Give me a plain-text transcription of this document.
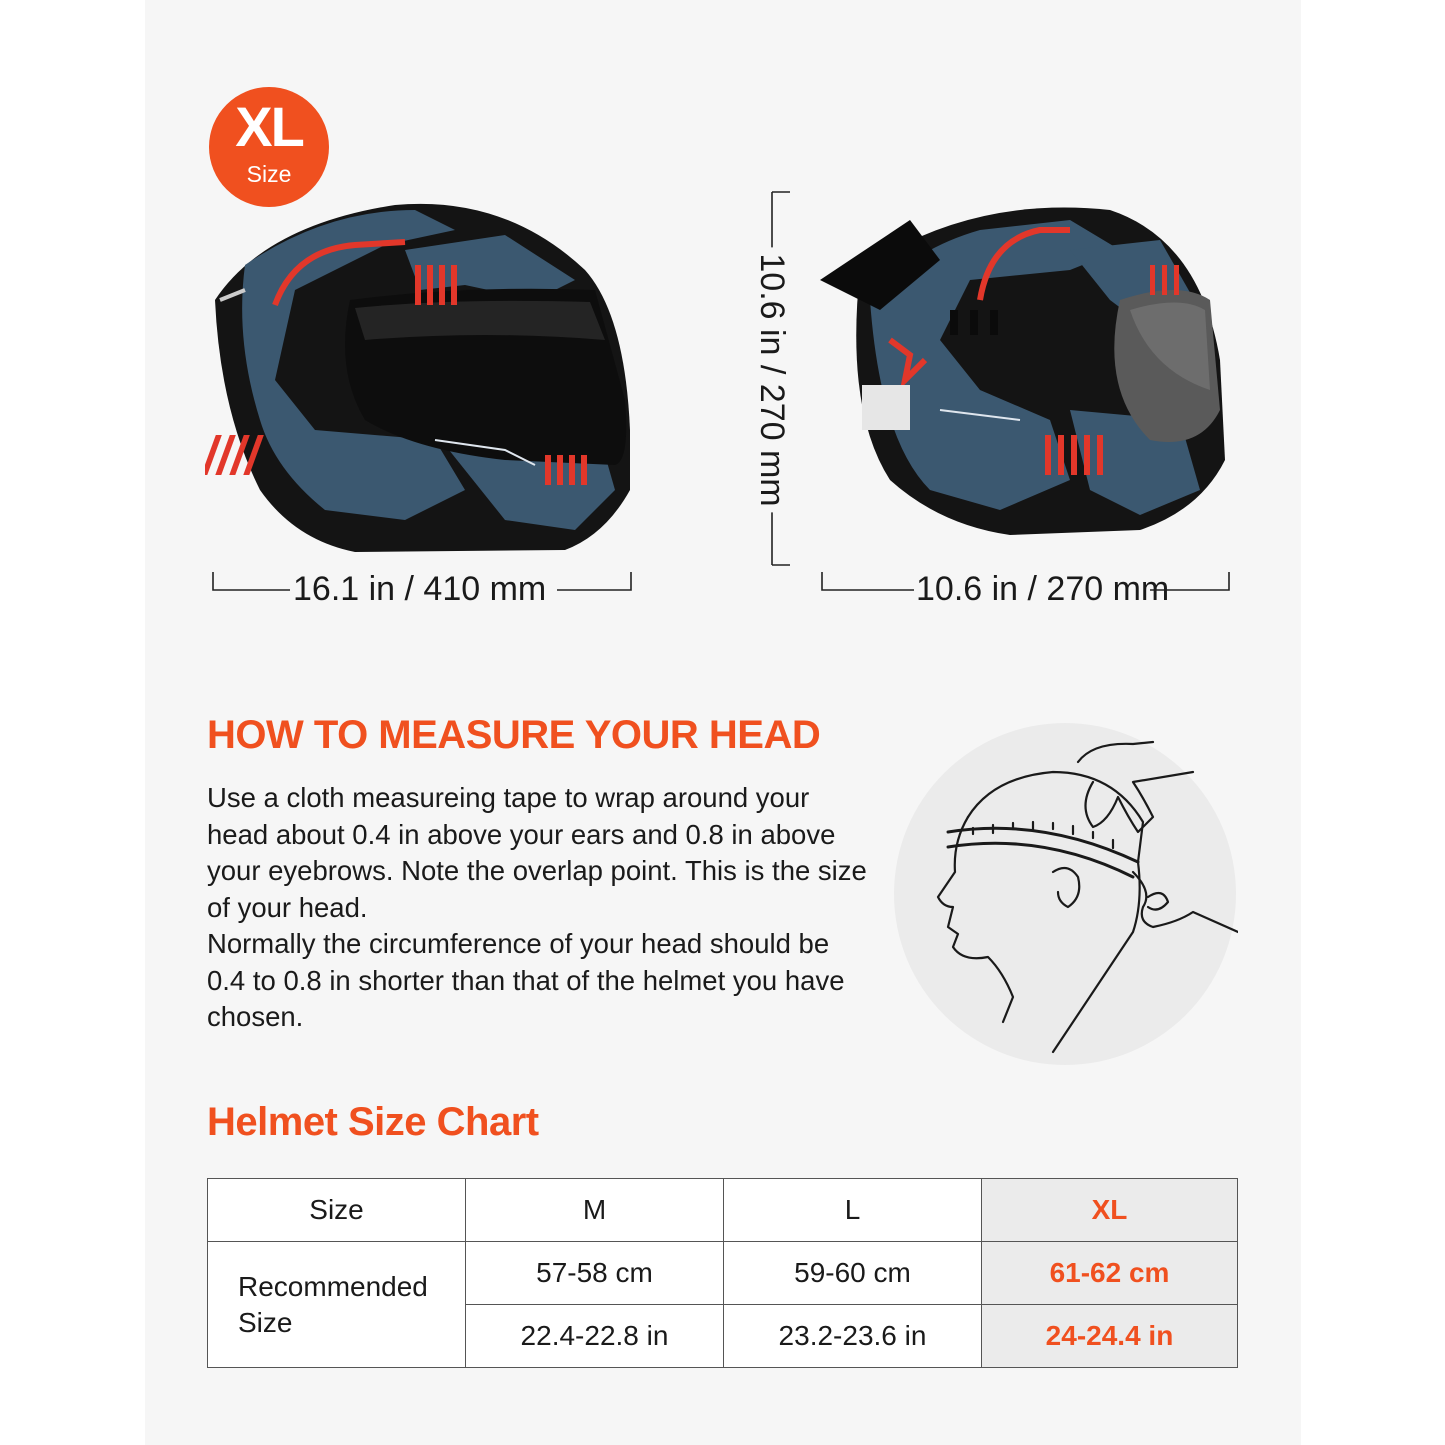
XL
Size
16.1 in / 410 mm	10.6 in / 270 mm
10.6 in / 270 mm
HOW TO MEASURE YOUR HEAD

Use a cloth measureing tape to wrap around your head about 0.4 in above your ears and 0.8 in above your eyebrows. Note the overlap point. This is the size of your head.

Normally the circumference of your head should be 0.4 to 0.8 in shorter than that of the helmet you have chosen.

Helmet Size Chart
Size	M	L	XL
Recommended Size	57-58 cm	59-60 cm	61-62 cm
	22.4-22.8 in	23.2-23.6 in	24-24.4 in
